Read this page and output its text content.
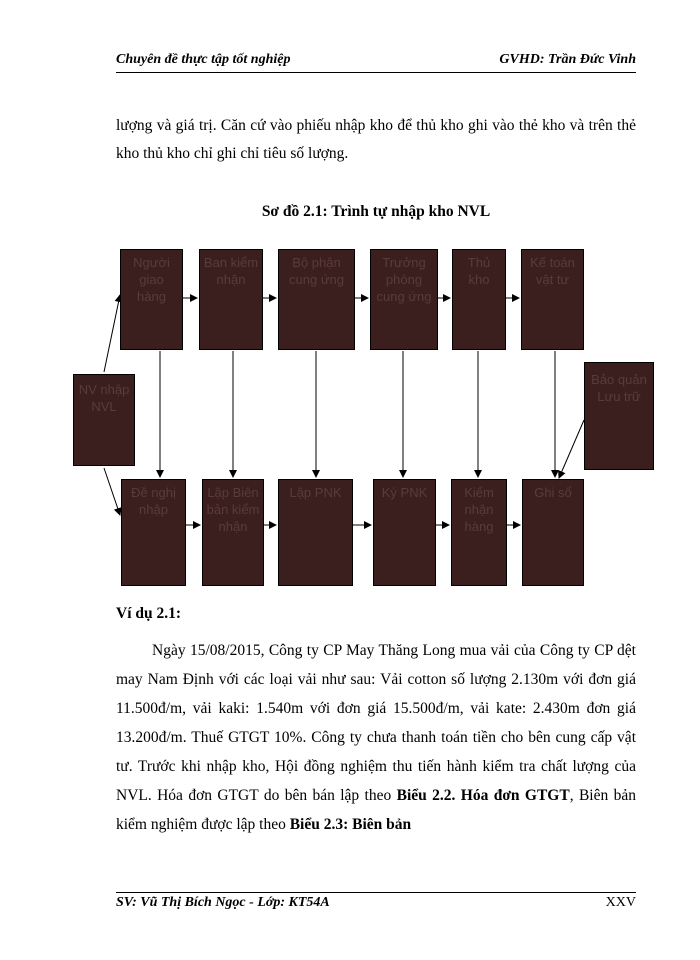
Chuyên đề thực tập tốt nghiệp	GVHD: Trần Đức Vinh

lượng và giá trị. Căn cứ vào phiếu nhập kho để thủ kho ghi vào thẻ kho và trên thẻ kho thủ kho chỉ ghi chỉ tiêu số lượng.

Sơ đồ 2.1: Trình tự nhập kho NVL
NV nhập NVL
Bảo quản Lưu trữ
Người giao hàng
Ban kiểm nhận
Bộ phận cung ứng
Trưởng phòng cung ứng
Thủ kho
Kế toán vật tư
Đề nghị nhập
Lập Biên bản kiểm nhận
Lập PNK	Ký PNK	Kiểm nhận hàng
Ghi sổ
Ví dụ 2.1:

Ngày 15/08/2015, Công ty CP May Thăng Long mua vải của Công ty CP dệt may Nam Định với các loại vải như sau: Vải cotton số lượng 2.130m với đơn giá 11.500đ/m, vải kaki: 1.540m với đơn giá 15.500đ/m, vải kate: 2.430m đơn giá 13.200đ/m. Thuế GTGT 10%. Công ty chưa thanh toán tiền cho bên cung cấp vật tư. Trước khi nhập kho, Hội đồng nghiệm thu tiến hành kiểm tra chất lượng của NVL. Hóa đơn GTGT do bên bán lập theo Biểu 2.2. Hóa đơn GTGT, Biên bản kiểm nghiệm được lập theo Biểu 2.3: Biên bản

SV: Vũ Thị Bích Ngọc - Lớp: KT54A	XXV
